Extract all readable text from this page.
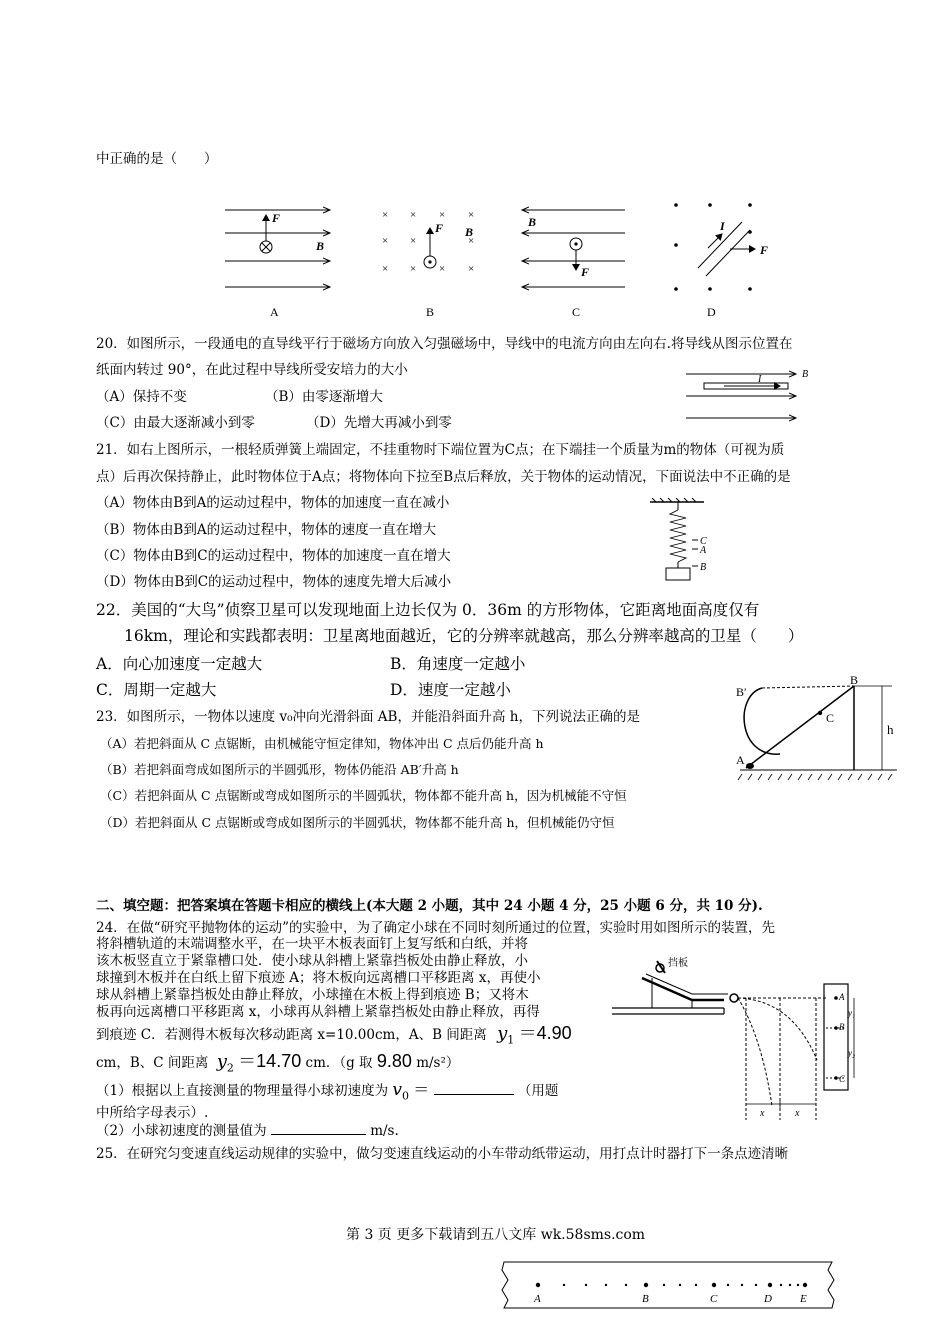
中正确的是（　　）
F
B
A
× × × ×
× ×	×
× × × ×
F B
B
B
F
C
I
F
D
20．如图所示，一段通电的直导线平行于磁场方向放入匀强磁场中，导线中的电流方向由左向右.将导线从图示位置在
纸面内转过 90°，在此过程中导线所受安培力的大小
（A）保持不变	（B）由零逐渐增大
（C）由最大逐渐减小到零	（D）先增大再减小到零
I	B
21．如右上图所示，一根轻质弹簧上端固定，不挂重物时下端位置为C点；在下端挂一个质量为m的物体（可视为质
点）后再次保持静止，此时物体位于A点；将物体向下拉至B点后释放，关于物体的运动情况，下面说法中不正确的是
（A）物体由B到A的运动过程中，物体的加速度一直在减小
（B）物体由B到A的运动过程中，物体的速度一直在增大
（C）物体由B到C的运动过程中，物体的加速度一直在增大
（D）物体由B到C的运动过程中，物体的速度先增大后减小
C
A
B
22．美国的“大鸟”侦察卫星可以发现地面上边长仅为 0．36m 的方形物体，它距离地面高度仅有
16km，理论和实践都表明：卫星离地面越近，它的分辨率就越高，那么分辨率越高的卫星（　　）
A．向心加速度一定越大	B．角速度一定越小
C．周期一定越大	D．速度一定越小
23．如图所示，一物体以速度 v₀冲向光滑斜面 AB，并能沿斜面升高 h，下列说法正确的是
（A）若把斜面从 C 点锯断，由机械能守恒定律知，物体冲出 C 点后仍能升高 h
（B）若把斜面弯成如图所示的半圆弧形，物体仍能沿 AB′升高 h
（C）若把斜面从 C 点锯断或弯成如图所示的半圆弧状，物体都不能升高 h，因为机械能不守恒
（D）若把斜面从 C 点锯断或弯成如图所示的半圆弧状，物体都不能升高 h，但机械能仍守恒
B′
B
C
A
h
二、填空题：把答案填在答题卡相应的横线上(本大题 2 小题，其中 24 小题 4 分，25 小题 6 分，共 10 分).
24．在做“研究平抛物体的运动”的实验中，为了确定小球在不同时刻所通过的位置，实验时用如图所示的装置，先
将斜槽轨道的末端调整水平，在一块平木板表面钉上复写纸和白纸，并将
该木板竖直立于紧靠槽口处．使小球从斜槽上紧靠挡板处由静止释放，小
球撞到木板并在白纸上留下痕迹 A；将木板向远离槽口平移距离 x，再使小
球从斜槽上紧靠挡板处由静止释放，小球撞在木板上得到痕迹 B；又将木
板再向远离槽口平移距离 x，小球再从斜槽上紧靠挡板处由静止释放，再得
到痕迹 C．若测得木板每次移动距离 x=10.00cm，A、B 间距离 $y_1 =4.90$
cm，B、C 间距离 $y_2 =14.70$ cm．（g 取 9.80 m/s²）
（1）根据以上直接测量的物理量得小球初速度为 $v_0$ ＝	（用题
中所给字母表示）.
（2）小球初速度的测量值为	m/s.
挡板
A
B
C
y₁
y₂
x	x
25．在研究匀变速直线运动规律的实验中，做匀变速直线运动的小车带动纸带运动，用打点计时器打下一条点迹清晰
第 3 页 更多下载请到五八文库 wk.58sms.com
A	B	C	D	E
